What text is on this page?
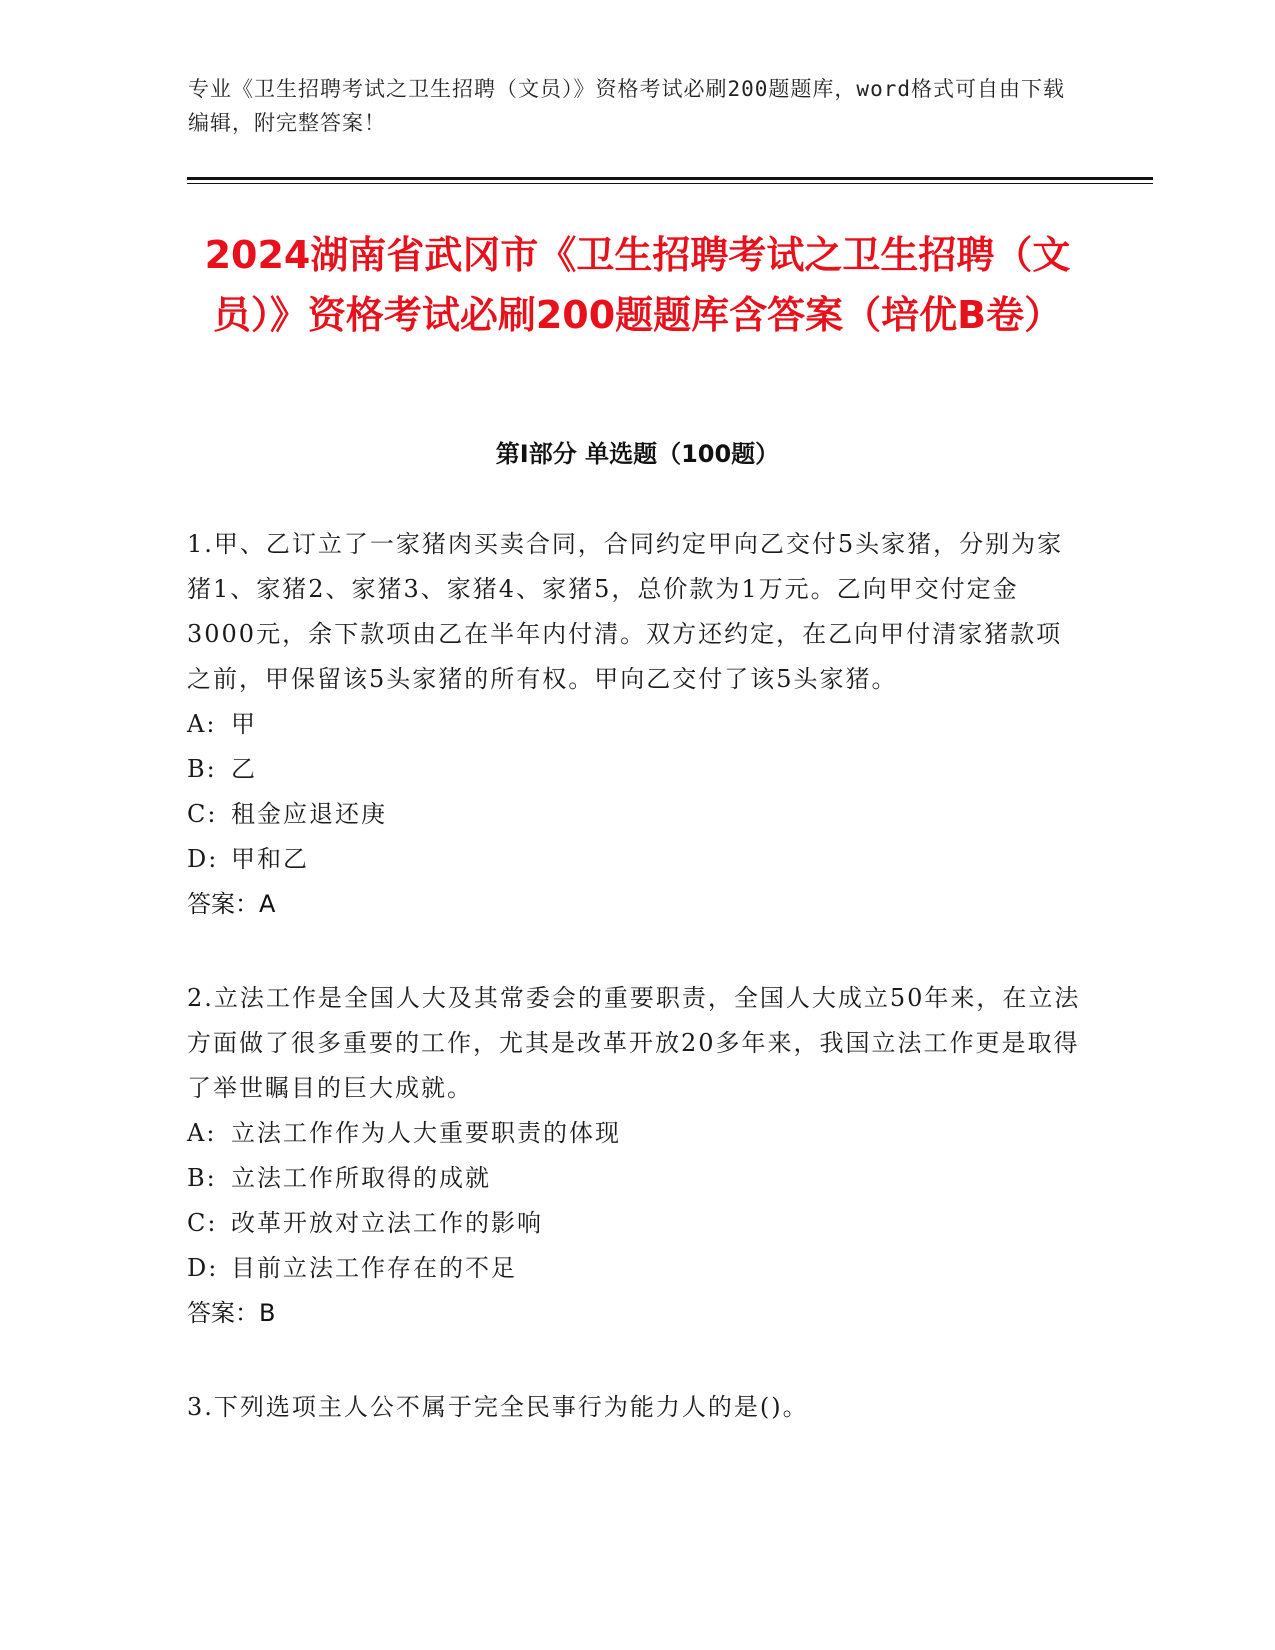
专业《卫生招聘考试之卫生招聘（文员）》资格考试必刷200题题库，word格式可自由下载编辑，附完整答案！
2024湖南省武冈市《卫生招聘考试之卫生招聘（文员）》资格考试必刷200题题库含答案（培优B卷）
第Ⅰ部分 单选题（100题）

1.甲、乙订立了一家猪肉买卖合同，合同约定甲向乙交付5头家猪，分别为家猪1、家猪2、家猪3、家猪4、家猪5，总价款为1万元。乙向甲交付定金3000元，余下款项由乙在半年内付清。双方还约定，在乙向甲付清家猪款项之前，甲保留该5头家猪的所有权。甲向乙交付了该5头家猪。

A: 甲

B: 乙

C: 租金应退还庚

D: 甲和乙

答案：A

2.立法工作是全国人大及其常委会的重要职责，全国人大成立50年来，在立法方面做了很多重要的工作，尤其是改革开放20多年来，我国立法工作更是取得了举世瞩目的巨大成就。

A: 立法工作作为人大重要职责的体现

B: 立法工作所取得的成就

C: 改革开放对立法工作的影响

D: 目前立法工作存在的不足

答案：B

3.下列选项主人公不属于完全民事行为能力人的是()。
